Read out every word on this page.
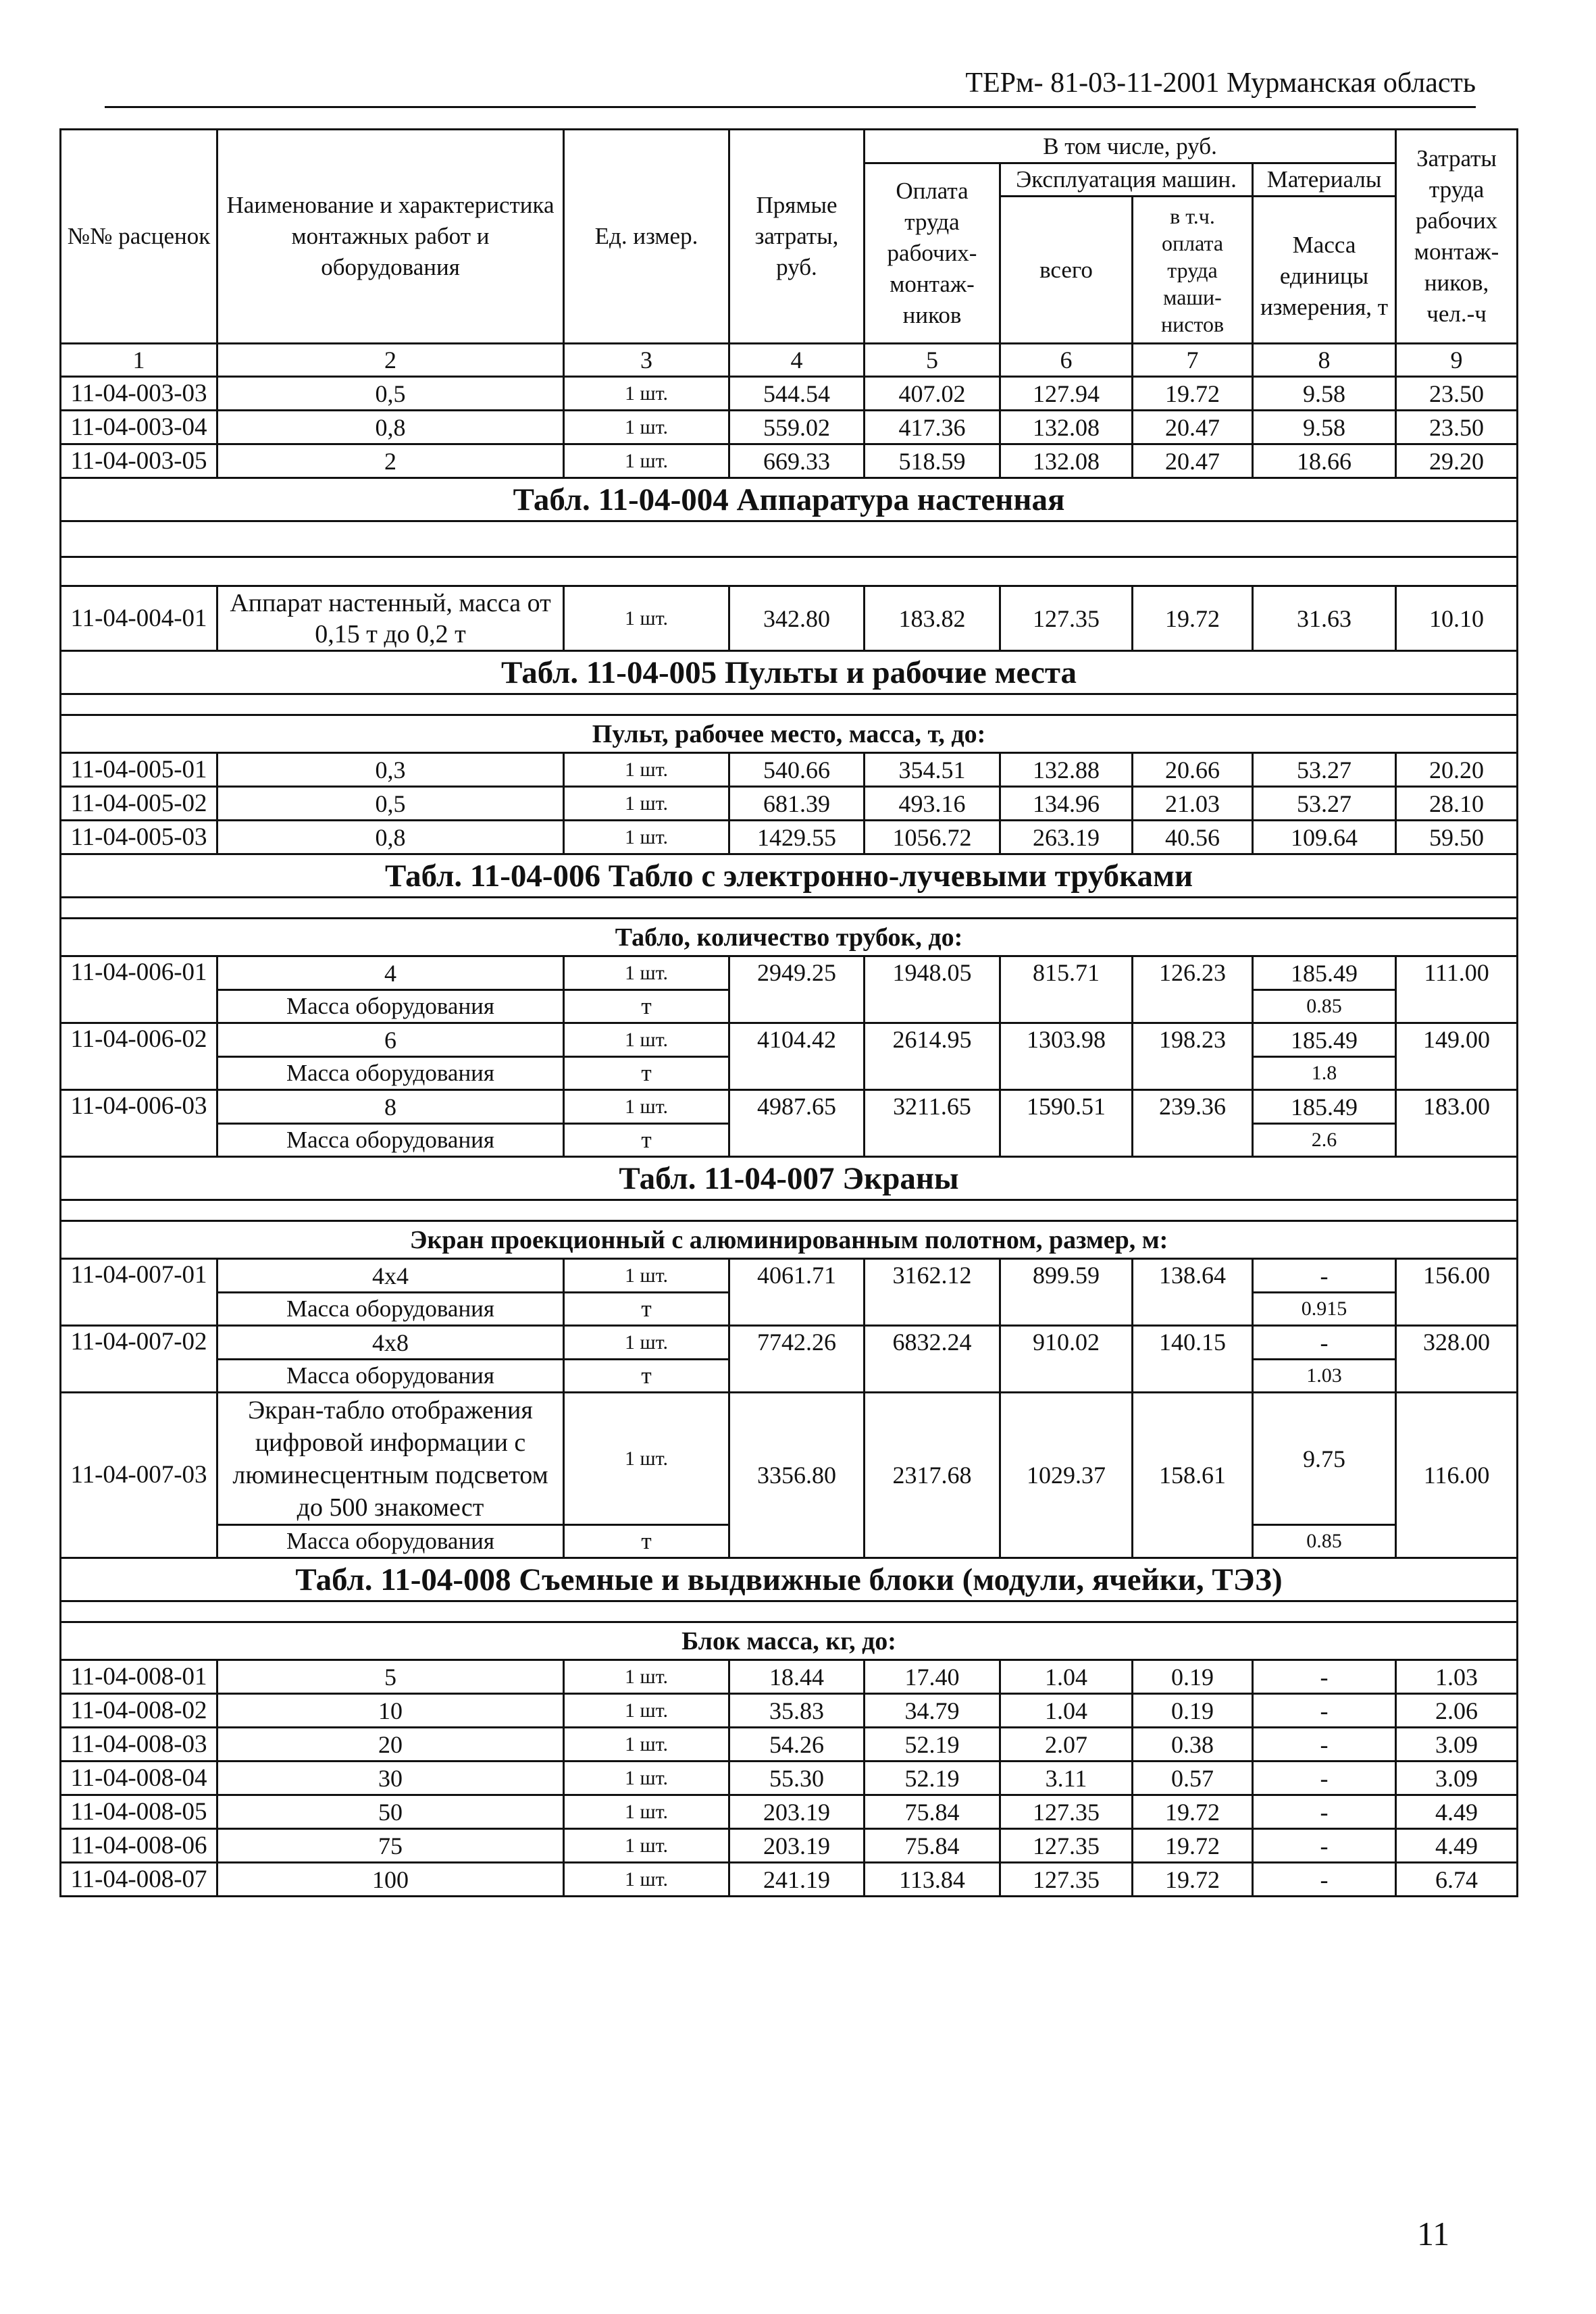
ТЕРм- 81-03-11-2001 Мурманская область
№№ расценок	Наименование и характеристика монтажных работ и оборудования	Ед. измер.	Прямые затраты, руб.	В том числе, руб.				Затраты труда рабочих монтаж-ников, чел.-ч
				Оплата труда рабочих-монтаж-ников	Эксплуатация машин.		Материалы	
					всего	в т.ч. оплата труда маши-нистов	Масса единицы измерения, т	
1	2	3	4	5	6	7	8	9
11-04-003-03	0,5	1 шт.	544.54	407.02	127.94	19.72	9.58	23.50
11-04-003-04	0,8	1 шт.	559.02	417.36	132.08	20.47	9.58	23.50
11-04-003-05	2	1 шт.	669.33	518.59	132.08	20.47	18.66	29.20
Табл. 11-04-004 Аппаратура настенная								

11-04-004-01	Аппарат настенный, масса от 0,15 т до 0,2 т	1 шт.	342.80	183.82	127.35	19.72	31.63	10.10
Табл. 11-04-005 Пульты и рабочие места								

Пульт, рабочее место, масса, т, до:								
11-04-005-01	0,3	1 шт.	540.66	354.51	132.88	20.66	53.27	20.20
11-04-005-02	0,5	1 шт.	681.39	493.16	134.96	21.03	53.27	28.10
11-04-005-03	0,8	1 шт.	1429.55	1056.72	263.19	40.56	109.64	59.50
Табл. 11-04-006 Табло с электронно-лучевыми трубками								

Табло, количество трубок, до:								
11-04-006-01	4	1 шт.	2949.25	1948.05	815.71	126.23	185.49	111.00
	Масса оборудования	т					0.85	
11-04-006-02	6	1 шт.	4104.42	2614.95	1303.98	198.23	185.49	149.00
	Масса оборудования	т					1.8	
11-04-006-03	8	1 шт.	4987.65	3211.65	1590.51	239.36	185.49	183.00
	Масса оборудования	т					2.6	
Табл. 11-04-007 Экраны								

Экран проекционный с алюминированным полотном, размер, м:								
11-04-007-01	4х4	1 шт.	4061.71	3162.12	899.59	138.64	-	156.00
	Масса оборудования	т					0.915	
11-04-007-02	4х8	1 шт.	7742.26	6832.24	910.02	140.15	-	328.00
	Масса оборудования	т					1.03	
11-04-007-03	Экран-табло отображения цифровой информации с люминесцентным подсветом до 500 знакомест	1 шт.	3356.80	2317.68	1029.37	158.61	9.75	116.00
	Масса оборудования	т					0.85	
Табл. 11-04-008 Съемные и выдвижные блоки (модули, ячейки, ТЭЗ)								

Блок масса, кг, до:								
11-04-008-01	5	1 шт.	18.44	17.40	1.04	0.19	-	1.03
11-04-008-02	10	1 шт.	35.83	34.79	1.04	0.19	-	2.06
11-04-008-03	20	1 шт.	54.26	52.19	2.07	0.38	-	3.09
11-04-008-04	30	1 шт.	55.30	52.19	3.11	0.57	-	3.09
11-04-008-05	50	1 шт.	203.19	75.84	127.35	19.72	-	4.49
11-04-008-06	75	1 шт.	203.19	75.84	127.35	19.72	-	4.49
11-04-008-07	100	1 шт.	241.19	113.84	127.35	19.72	-	6.74
11
